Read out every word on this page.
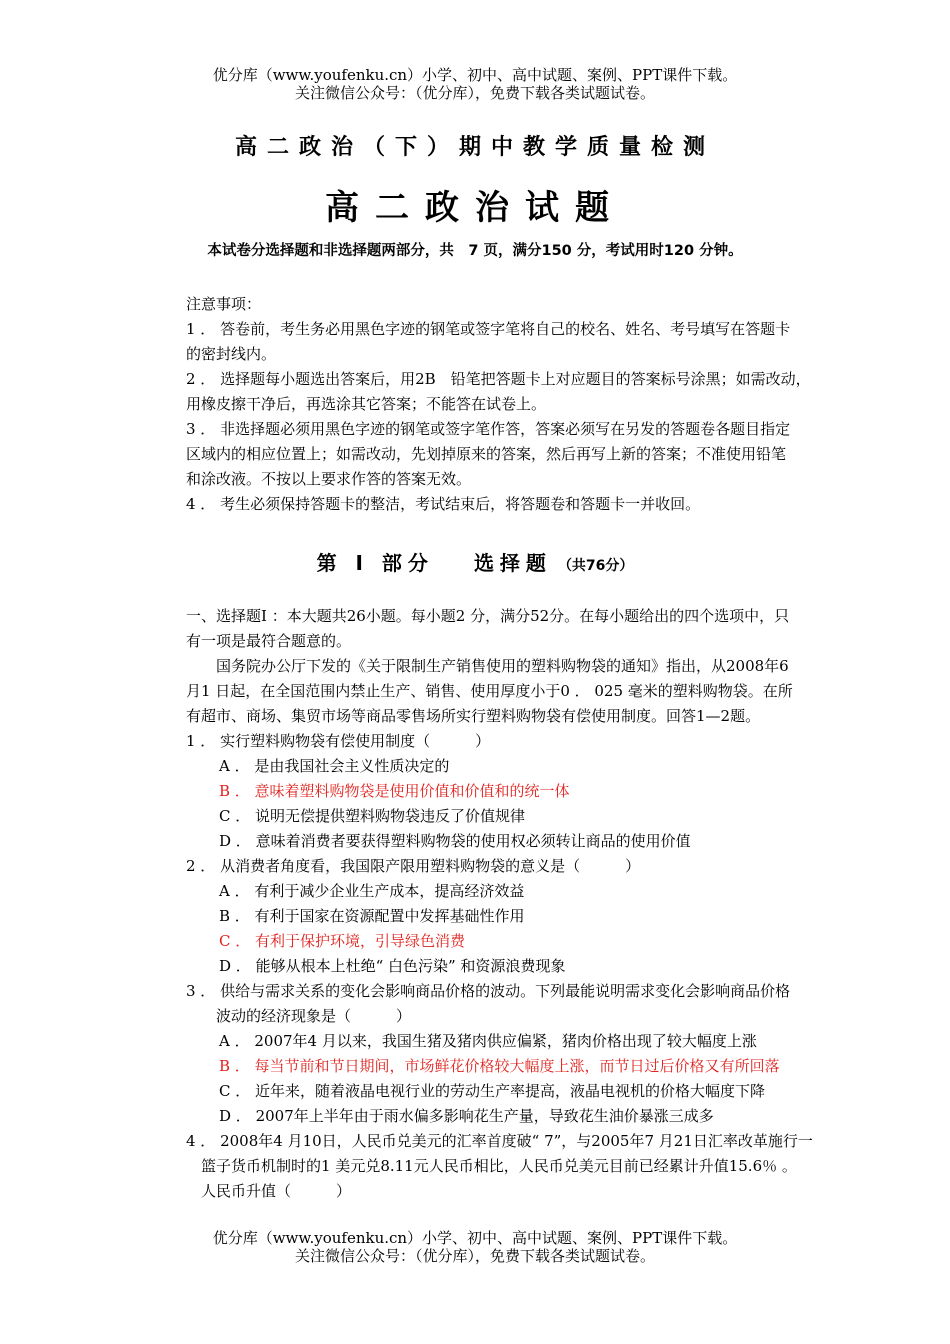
优分库（www.youfenku.cn）小学、初中、高中试题、案例、PPT课件下载。
关注微信公众号：（优分库），免费下载各类试题试卷。
高二政治（下）期中教学质量检测
高二政治试题
本试卷分选择题和非选择题两部分，共　7 页，满分150 分，考试用时120 分钟。
注意事项：
1 ． 答卷前，考生务必用黑色字迹的钢笔或签字笔将自己的校名、姓名、考号填写在答题卡
的密封线内。
2 ． 选择题每小题选出答案后，用2B　铅笔把答题卡上对应题目的答案标号涂黑；如需改动，
用橡皮擦干净后，再选涂其它答案；不能答在试卷上。
3 ． 非选择题必须用黑色字迹的钢笔或签字笔作答，答案必须写在另发的答题卷各题目指定
区域内的相应位置上；如需改动，先划掉原来的答案，然后再写上新的答案；不准使用铅笔
和涂改液。不按以上要求作答的答案无效。
4 ． 考生必须保持答题卡的整洁，考试结束后，将答题卷和答题卡一并收回。
第 I 部分 选择题 （共76分）
一、选择题I ：本大题共26小题。每小题2 分，满分52分。在每小题给出的四个选项中，只
有一项是最符合题意的。
　　国务院办公厅下发的《关于限制生产销售使用的塑料购物袋的通知》指出，从2008年6
月1 日起，在全国范围内禁止生产、销售、使用厚度小于0 ． 025 毫米的塑料购物袋。在所
有超市、商场、集贸市场等商品零售场所实行塑料购物袋有偿使用制度。回答1—2题。
1 ． 实行塑料购物袋有偿使用制度（　　　）
A ． 是由我国社会主义性质决定的
B ． 意味着塑料购物袋是使用价值和价值和的统一体
C ． 说明无偿提供塑料购物袋违反了价值规律
D ． 意味着消费者要获得塑料购物袋的使用权必须转让商品的使用价值
2 ． 从消费者角度看，我国限产限用塑料购物袋的意义是（　　　）
A ． 有利于减少企业生产成本，提高经济效益
B ． 有利于国家在资源配置中发挥基础性作用
C ． 有利于保护环境，引导绿色消费
D ． 能够从根本上杜绝“ 白色污染” 和资源浪费现象
3 ． 供给与需求关系的变化会影响商品价格的波动。下列最能说明需求变化会影响商品价格
　　波动的经济现象是（　　　）
A ． 2007年4 月以来，我国生猪及猪肉供应偏紧，猪肉价格出现了较大幅度上涨
B ． 每当节前和节日期间，市场鲜花价格较大幅度上涨，而节日过后价格又有所回落
C ． 近年来，随着液晶电视行业的劳动生产率提高，液晶电视机的价格大幅度下降
D ． 2007年上半年由于雨水偏多影响花生产量，导致花生油价暴涨三成多
4 ． 2008年4 月10日，人民币兑美元的汇率首度破“ 7”，与2005年7 月21日汇率改革施行一
　篮子货币机制时的1 美元兑8.11元人民币相比，人民币兑美元目前已经累计升值15.6％ 。
　人民币升值（　　　）
优分库（www.youfenku.cn）小学、初中、高中试题、案例、PPT课件下载。
关注微信公众号：（优分库），免费下载各类试题试卷。
